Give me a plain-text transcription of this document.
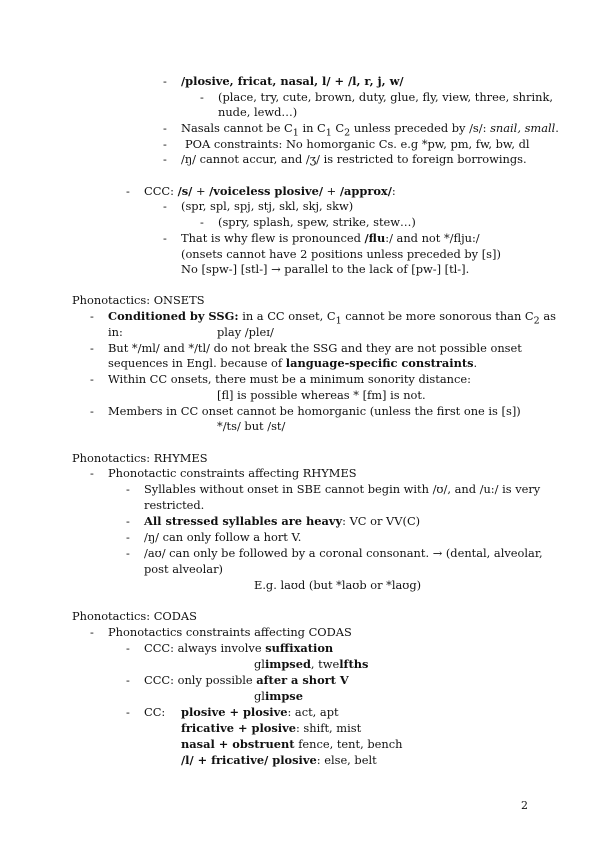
- /plosive, fricat, nasal, l/ + /l, r, j, w/
- (place, try, cute, brown, duty, glue, fly, view, three, shrink,
nude, lewd…)
- Nasals cannot be $C_1$ in $C_1$ $C_2$ unless preceded by /s/: snail, small.
- POA constraints: No homorganic Cs. e.g *pw, pm, fw, bw, dl
- /ŋ/ cannot accur, and /ʒ/ is restricted to foreign borrowings.
- CCC: /s/ + /voiceless plosive/ + /approx/:
- (spr, spl, spj, stj, skl, skj, skw)
- (spry, splash, spew, strike, stew…)
- That is why flew is pronounced /flu:/ and not */flju:/
(onsets cannot have 2 positions unless preceded by [s])
No [spw-] [stl-] → parallel to the lack of [pw-] [tl-].
Phonotactics: ONSETS
- Conditioned by SSG: in a CC onset, $C_1$ cannot be more sonorous than $C_2$ as
in:	play /pleɪ/
- But */ml/ and */tl/ do not break the SSG and they are not possible onset
sequences in Engl. because of language-specific constraints.
- Within CC onsets, there must be a minimum sonority distance:
[fl] is possible whereas * [fm] is not.
- Members in CC onset cannot be homorganic (unless the first one is [s])
*/ts/ but /st/
Phonotactics: RHYMES
- Phonotactic constraints affecting RHYMES
- Syllables without onset in SBE cannot begin with /ʊ/, and /u:/ is very
restricted.
- All stressed syllables are heavy: VC or VV(C)
- /ŋ/ can only follow a hort V.
- /aʊ/ can only be followed by a coronal consonant. → (dental, alveolar,
post alveolar)
E.g. laʊd (but *laʊb or *laʊg)
Phonotactics: CODAS
- Phonotactics constraints affecting CODAS
- CCC: always involve suffixation
glimpsed, twelfths
- CCC: only possible after a short V
glimpse
- CC: plosive + plosive: act, apt
fricative + plosive: shift, mist
nasal + obstruent fence, tent, bench
/l/ + fricative/ plosive: else, belt
2
